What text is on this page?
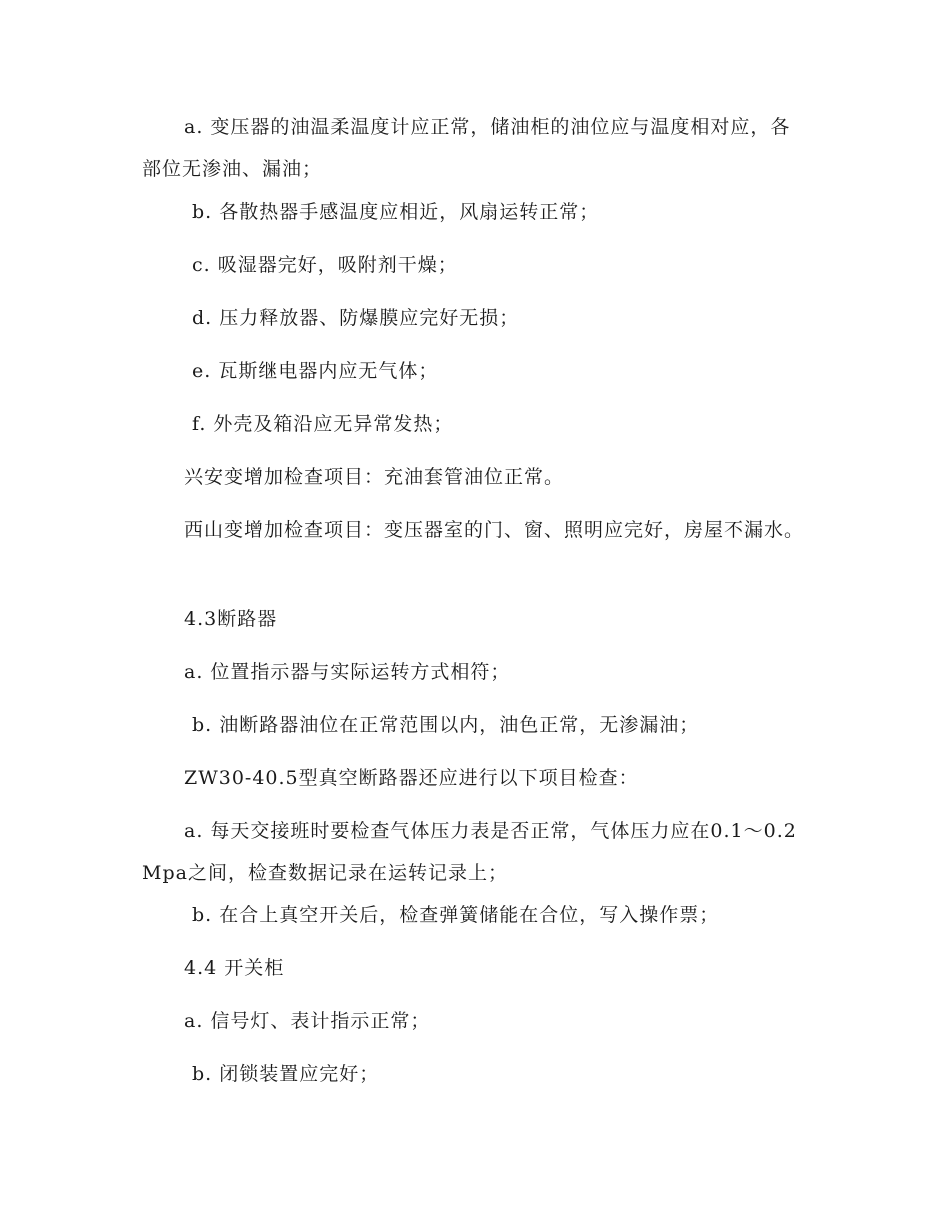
a. 变压器的油温柔温度计应正常，储油柜的油位应与温度相对应，各部位无渗油、漏油；

b. 各散热器手感温度应相近，风扇运转正常；

c. 吸湿器完好，吸附剂干燥；

d. 压力释放器、防爆膜应完好无损；

e. 瓦斯继电器内应无气体；

f. 外壳及箱沿应无异常发热；

兴安变增加检查项目：充油套管油位正常。

西山变增加检查项目：变压器室的门、窗、照明应完好，房屋不漏水。

4.3断路器

a. 位置指示器与实际运转方式相符；

b. 油断路器油位在正常范围以内，油色正常，无渗漏油；

ZW30-40.5型真空断路器还应进行以下项目检查：

a. 每天交接班时要检查气体压力表是否正常，气体压力应在0.1～0.2Mpa之间，检查数据记录在运转记录上；

b. 在合上真空开关后，检查弹簧储能在合位，写入操作票；

4.4 开关柜

a. 信号灯、表计指示正常；

b. 闭锁装置应完好；
